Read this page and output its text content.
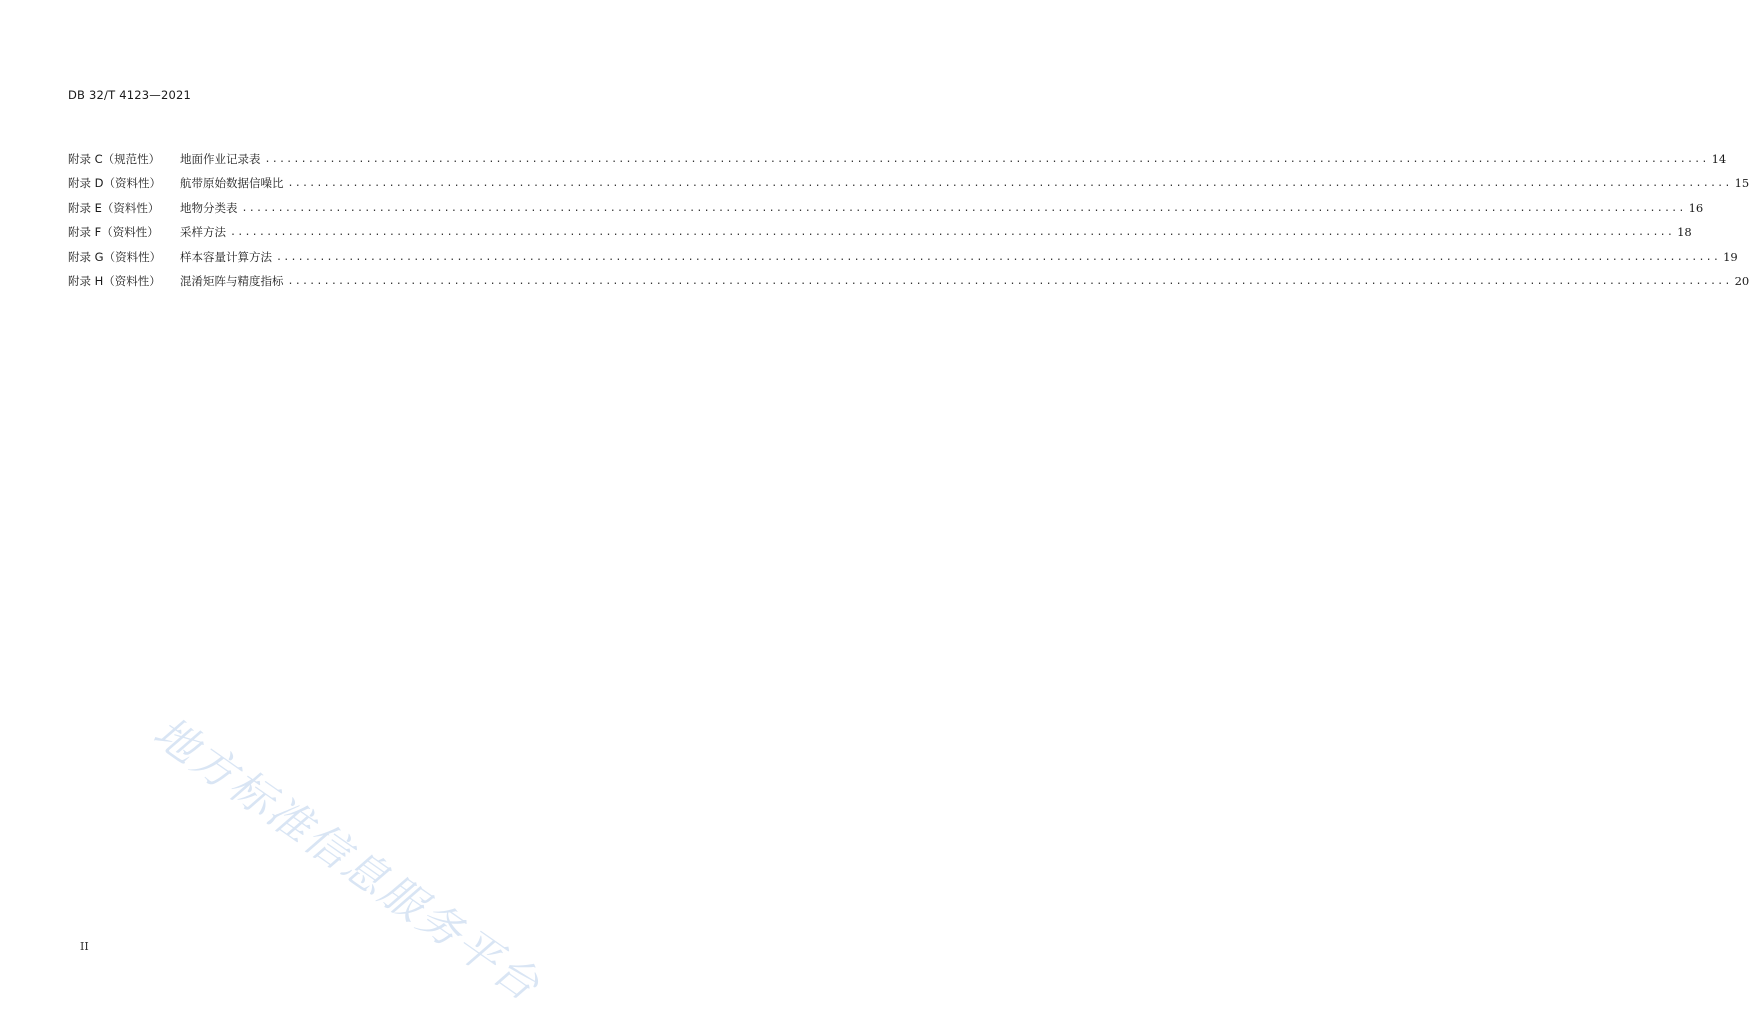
DB 32/T 4123—2021
附录 C（规范性）	地面作业记录表 ........................................................................................................................................................................................................ 14
附录 D（资料性）	航带原始数据信噪比 ........................................................................................................................................................................................................ 15
附录 E（资料性）	地物分类表 ........................................................................................................................................................................................................ 16
附录 F（资料性）	采样方法 ........................................................................................................................................................................................................ 18
附录 G（资料性）	样本容量计算方法 ........................................................................................................................................................................................................ 19
附录 H（资料性）	混淆矩阵与精度指标 ........................................................................................................................................................................................................ 20
地方标准信息服务平台
II
